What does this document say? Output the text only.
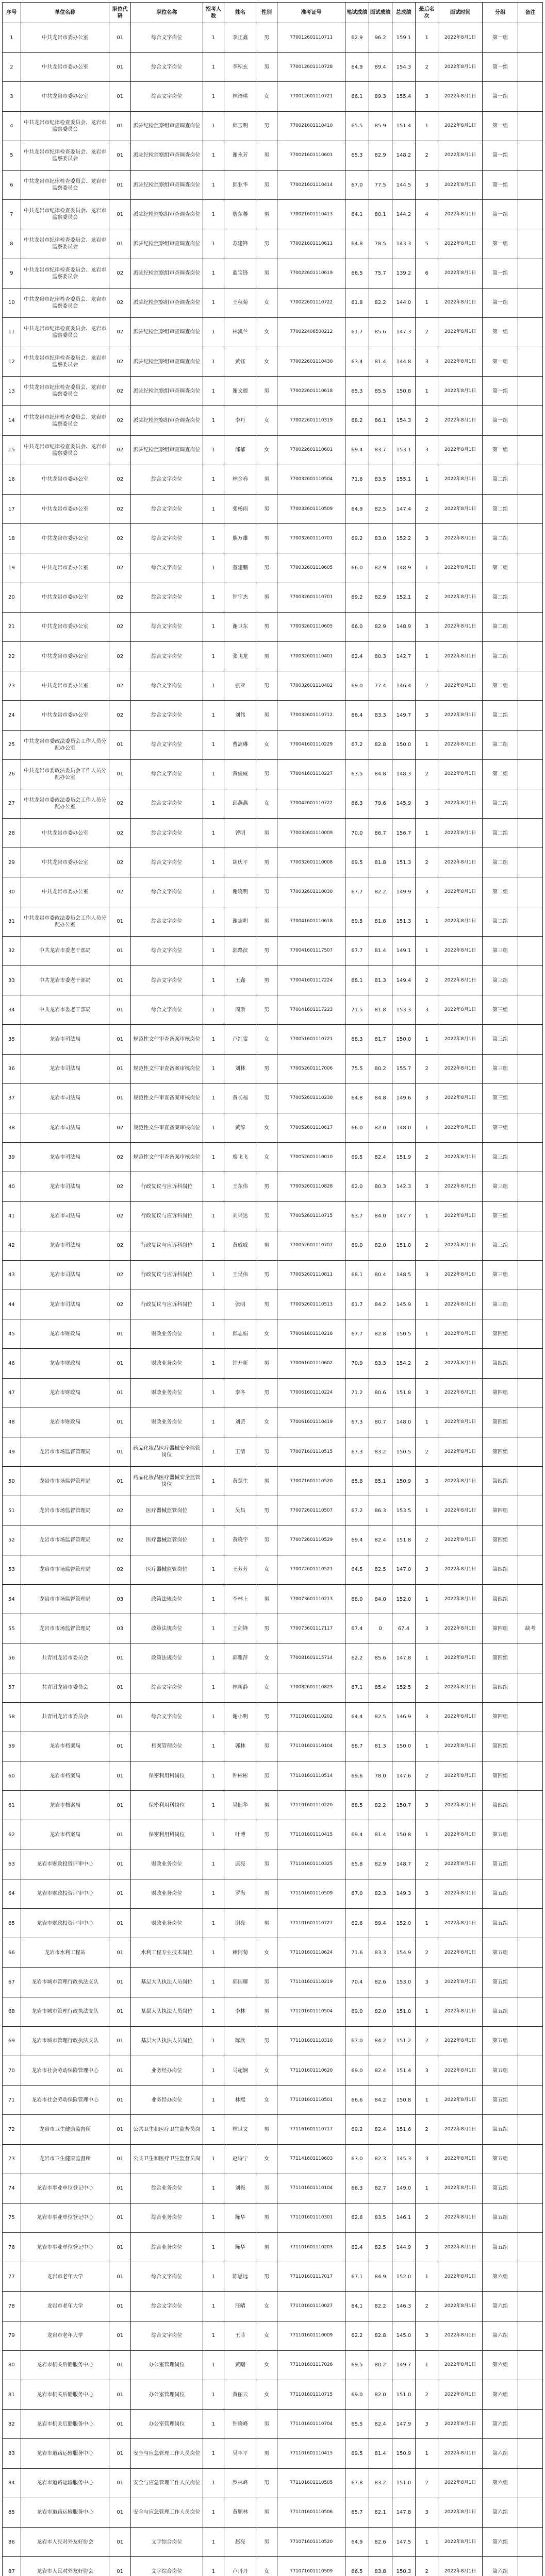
序号	单位名称	职位代码	职位名称	招考人数	姓名	性别	准考证号	笔试成绩	面试成绩	总成绩	最后名次	面试时间	分组	备注
1	中共龙岩市委办公室	01	综合文字岗位	1	李正鑫	男	770012601110711	62.9	96.2	159.1	1	2022年8月1日	第一组	
2	中共龙岩市委办公室	01	综合文字岗位	1	李积玄	男	770012601110728	64.9	89.4	154.3	2	2022年8月1日	第一组	
3	中共龙岩市委办公室	01	综合文字岗位	1	林语琪	女	770012601110721	66.1	89.3	155.4	3	2022年8月1日	第一组	
4	中共龙岩市纪律检查委员会、龙岩市监察委员会	01	派驻纪检监察组审查调查岗位	1	邱玉明	男	770021601110410	65.5	85.9	151.4	1	2022年8月1日	第一组	
5	中共龙岩市纪律检查委员会、龙岩市监察委员会	01	派驻纪检监察组审查调查岗位	1	谢永芳	男	770021601110601	65.3	82.9	148.2	2	2022年8月1日	第一组	
6	中共龙岩市纪律检查委员会、龙岩市监察委员会	01	派驻纪检监察组审查调查岗位	1	邱业华	男	770021601110414	67.0	77.5	144.5	3	2022年8月1日	第一组	
7	中共龙岩市纪律检查委员会、龙岩市监察委员会	01	派驻纪检监察组审查调查岗位	1	詹东蕃	男	770021601110413	64.1	80.1	144.2	4	2022年8月1日	第一组	
8	中共龙岩市纪律检查委员会、龙岩市监察委员会	01	派驻纪检监察组审查调查岗位	1	苏建锋	男	770021601110611	64.8	78.5	143.3	5	2022年8月1日	第一组	
9	中共龙岩市纪律检查委员会、龙岩市监察委员会	02	派驻纪检监察组审查调查岗位	1	蓝宝锋	男	770022601110619	66.5	75.7	139.2	6	2022年8月1日	第一组	
10	中共龙岩市纪律检查委员会、龙岩市监察委员会	02	派驻纪检监察组审查调查岗位	1	王秋菊	女	770022601110722	61.8	82.2	144.0	1	2022年8月1日	第一组	
11	中共龙岩市纪律检查委员会、龙岩市监察委员会	02	派驻纪检监察组审查调查岗位	1	林凯兰	女	770022406500212	61.7	85.6	147.3	2	2022年8月1日	第一组	
12	中共龙岩市纪律检查委员会、龙岩市监察委员会	02	派驻纪检监察组审查调查岗位	1	黄钰	女	770022601110430	63.4	81.4	144.8	3	2022年8月1日	第一组	
13	中共龙岩市纪律检查委员会、龙岩市监察委员会	02	派驻纪检监察组审查调查岗位	1	谢文德	男	770022601110618	65.3	85.5	150.8	1	2022年8月1日	第一组	
14	中共龙岩市纪律检查委员会、龙岩市监察委员会	02	派驻纪检监察组审查调查岗位	1	李丹	女	770022601110319	68.2	86.1	154.3	2	2022年8月1日	第一组	
15	中共龙岩市纪律检查委员会、龙岩市监察委员会	02	派驻纪检监察组审查调查岗位	1	邱郁	女	770022601110601	69.4	83.7	153.1	3	2022年8月1日	第一组	
16	中共龙岩市委办公室	02	综合文字岗位	1	林金春	男	770032601110504	71.6	83.5	155.1	1	2022年8月1日	第二组	
17	中共龙岩市委办公室	02	综合文字岗位	1	张杨雨	男	770032601110509	64.9	82.5	147.4	2	2022年8月1日	第二组	
18	中共龙岩市委办公室	02	综合文字岗位	1	熊万雄	男	770032601110701	69.2	83.0	152.2	3	2022年8月1日	第二组	
19	中共龙岩市委办公室	02	综合文字岗位	1	董建鹏	男	770032601110605	66.0	82.9	148.9	1	2022年8月1日	第二组	
20	中共龙岩市委办公室	02	综合文字岗位	1	钟宇杰	男	770032601110701	69.2	82.9	152.1	2	2022年8月1日	第二组	
21	中共龙岩市委办公室	02	综合文字岗位	1	谢卫东	男	770032601110605	66.0	82.9	148.9	3	2022年8月1日	第二组	
22	中共龙岩市委办公室	02	综合文字岗位	1	张飞龙	男	770032601110401	62.4	80.3	142.7	1	2022年8月1日	第二组	
23	中共龙岩市委办公室	02	综合文字岗位	1	张亚	男	770032601110402	69.0	77.4	146.4	2	2022年8月1日	第二组	
24	中共龙岩市委办公室	02	综合文字岗位	1	刘伟	男	770032601110712	66.4	83.3	149.7	3	2022年8月1日	第二组	
25	中共龙岩市委政法委员会工作人员分配办公室	01	综合文字岗位	1	曹嵩琳	女	770041601110229	67.2	82.8	150.0	1	2022年8月1日	第二组	
26	中共龙岩市委政法委员会工作人员分配办公室	01	综合文字岗位	1	黄俊威	男	770041601110227	63.5	84.8	148.3	2	2022年8月1日	第二组	
27	中共龙岩市委政法委员会工作人员分配办公室	02	综合文字岗位	1	邱燕燕	女	770042601110722	66.3	79.6	145.9	3	2022年8月1日	第二组	
28	中共龙岩市委办公室	02	综合文字岗位	1	曾明	男	770032601110009	70.0	86.7	156.7	1	2022年8月1日	第二组	
29	中共龙岩市委办公室	02	综合文字岗位	1	胡庆平	男	770032601110008	69.5	81.8	151.3	2	2022年8月1日	第二组	
30	中共龙岩市委办公室	02	综合文字岗位	1	谢晓明	男	770032601110030	67.7	82.2	149.9	3	2022年8月1日	第二组	
31	中共龙岩市委政法委员会工作人员分配办公室	01	综合文字岗位	1	谢志明	男	770041601110618	69.5	81.8	151.3	1	2022年8月1日	第二组	
32	中共龙岩市委老干部局	01	综合文字岗位	1	郭路滨	男	770041601117507	67.7	81.4	149.1	1	2022年8月1日	第三组	
33	中共龙岩市委老干部局	01	综合文字岗位	1	王鑫	男	770041601117224	68.1	81.3	149.4	2	2022年8月1日	第三组	
34	中共龙岩市委老干部局	01	综合文字岗位	1	周斯	男	770041601117223	71.5	81.8	153.3	3	2022年8月1日	第三组	
35	龙岩市司法局	01	规范性文件审查备案审核岗位	1	卢红雯	女	770051601110721	68.3	81.7	150.0	1	2022年8月1日	第三组	
36	龙岩市司法局	01	规范性文件审查备案审核岗位	1	刘林	男	770052601117006	75.5	80.2	155.7	2	2022年8月1日	第三组	
37	龙岩市司法局	01	规范性文件审查备案审核岗位	1	黄长福	男	770052601110230	64.8	84.8	149.6	3	2022年8月1日	第三组	
38	龙岩市司法局	02	规范性文件审查备案审核岗位	1	黄淳	女	770052601110617	66.0	82.0	148.0	1	2022年8月1日	第三组	
39	龙岩市司法局	02	规范性文件审查备案审核岗位	1	廖飞飞	女	770052601110010	69.5	82.4	151.9	2	2022年8月1日	第三组	
40	龙岩市司法局	02	行政复议与应诉科岗位	1	王东伟	男	770052601110828	62.0	80.3	142.3	3	2022年8月1日	第三组	
41	龙岩市司法局	02	行政复议与应诉科岗位	1	刘兴达	男	770052601110715	63.7	84.0	147.7	1	2022年8月1日	第三组	
42	龙岩市司法局	02	行政复议与应诉科岗位	1	黄威威	男	770052601110707	69.0	82.0	151.0	2	2022年8月1日	第三组	
43	龙岩市司法局	02	行政复议与应诉科岗位	1	王吴伟	男	770052601110811	68.1	80.4	148.5	3	2022年8月1日	第三组	
44	龙岩市司法局	02	行政复议与应诉科岗位	1	张明	男	770052601110513	61.7	84.2	145.9	1	2022年8月1日	第三组	
45	龙岩市财政局	01	财政业务岗位	1	邱志娟	女	770061601110216	67.7	82.8	150.5	1	2022年8月1日	第四组	
46	龙岩市财政局	01	财政业务岗位	1	钟开新	男	770061601110602	70.9	83.3	154.2	2	2022年8月1日	第四组	
47	龙岩市财政局	01	财政业务岗位	1	李冬	男	770061601110224	71.2	80.6	151.8	3	2022年8月1日	第四组	
48	龙岩市财政局	01	财政业务岗位	1	刘芸	女	770061601110419	67.3	80.7	148.0	1	2022年8月1日	第四组	
49	龙岩市市场监督管理局	01	药品化妆品医疗器械安全监管岗位	1	王清	男	770071601110515	67.3	83.2	150.5	2	2022年8月1日	第四组	
50	龙岩市市场监督管理局	01	药品化妆品医疗器械安全监管岗位	1	黄楚生	男	770071601110520	65.8	85.1	150.9	3	2022年8月1日	第四组	
51	龙岩市市场监督管理局	02	医疗器械监管岗位	1	吴昌	男	770072601110507	67.2	86.3	153.5	1	2022年8月1日	第四组	
52	龙岩市市场监督管理局	02	医疗器械监管岗位	1	黄晓宇	男	770072601110529	69.4	82.4	151.8	2	2022年8月1日	第四组	
53	龙岩市市场监督管理局	02	医疗器械监管岗位	1	王芳芳	女	770072601110521	64.5	82.5	147.0	3	2022年8月1日	第四组	
54	龙岩市市场监督管理局	03	政策法规岗位	1	李林上	男	770073601110213	68.0	84.0	152.0	1	2022年8月1日	第四组	
55	龙岩市市场监督管理局	03	政策法规岗位	1	王剑锋	男	770073601117117	67.4	0	67.4	3	2022年8月1日	第四组	缺考
56	共青团龙岩市委员会	01	政策法规岗位	1	郭雅萍	女	770081601115714	62.2	85.6	147.8	1	2022年8月1日	第四组	
57	共青团龙岩市委员会	01	综合文字岗位	1	林新静	女	770082601110823	67.1	85.4	152.5	2	2022年8月1日	第四组	
58	共青团龙岩市委员会	01	综合文字岗位	1	谢小明	男	771101601110202	64.4	82.5	146.9	3	2022年8月1日	第四组	
59	龙岩市档案局	01	档案管理岗位	1	郭林	男	771101601110104	68.7	81.3	150.0	1	2022年8月1日	第四组	
60	龙岩市档案局	01	保密利用科岗位	1	钟彬彬	男	771101601110514	69.6	78.0	147.6	2	2022年8月1日	第四组	
61	龙岩市档案局	01	保密利用科岗位	1	吴旧华	男	771101601110220	68.5	82.2	150.7	3	2022年8月1日	第四组	
62	龙岩市档案局	01	保密利用科岗位	1	叶博	男	771101601110415	69.4	81.4	150.8	1	2022年8月1日	第五组	
63	龙岩市财政投资评审中心	01	财政业务岗位	1	康亮	男	771101601110325	65.8	82.9	148.7	2	2022年8月1日	第五组	
64	龙岩市财政投资评审中心	01	财政业务岗位	1	罗海	男	771101601110509	67.0	82.3	149.3	3	2022年8月1日	第五组	
65	龙岩市财政投资评审中心	01	财政业务岗位	1	谢亮	男	771101601110727	62.6	89.4	152.0	1	2022年8月1日	第五组	
66	龙岩市水利工程站	01	水利工程专业技术岗位	1	赖阿菊	女	771101601110624	71.6	83.3	154.9	2	2022年8月1日	第五组	
67	龙岩市城市管理行政执法支队	01	基层大队执法人员岗位	1	郭国耀	男	771101601110219	70.4	82.6	153.0	3	2022年8月1日	第五组	
68	龙岩市城市管理行政执法支队	01	基层大队执法人员岗位	1	李林	男	771101601110504	69.0	82.0	151.0	1	2022年8月1日	第五组	
69	龙岩市城市管理行政执法支队	01	基层大队执法人员岗位	1	陈欣	男	771101601110310	67.0	84.2	151.2	2	2022年8月1日	第五组	
70	龙岩市社会劳动保险管理中心	01	业务经办岗位	1	马超娴	女	771101601110620	69.0	82.4	151.4	3	2022年8月1日	第五组	
71	龙岩市社会劳动保险管理中心	01	业务经办岗位	1	林熙	女	771101601110501	66.6	84.2	150.8	1	2022年8月1日	第五组	
72	龙岩市卫生健康监督所	01	公共卫生和医疗卫生监督员岗	1	林世文	男	771161601110717	69.2	82.4	151.6	2	2022年8月1日	第五组	
73	龙岩市卫生健康监督所	01	公共卫生和医疗卫生监督员岗	1	赵诗宁	女	771141601110603	63.0	82.3	145.3	3	2022年8月1日	第五组	
74	龙岩市事业单位登记中心	01	综合业务岗位	1	刘振	男	771101601110104	66.3	82.7	149.0	1	2022年8月1日	第五组	
75	龙岩市事业单位登记中心	01	综合业务岗位	1	陈华	男	771101601110301	62.6	83.5	146.1	2	2022年8月1日	第五组	
76	龙岩市事业单位登记中心	01	综合业务岗位	1	陈华	男	771101601110203	62.4	82.5	144.9	3	2022年8月1日	第五组	
77	龙岩市老年大学	01	综合文字岗位	1	陈思远	男	771101601117017	67.1	84.9	152.0	1	2022年8月1日	第六组	
78	龙岩市老年大学	01	综合文字岗位	1	汪晴	女	771101601110027	64.1	82.2	146.3	2	2022年8月1日	第六组	
79	龙岩市老年大学	01	综合文字岗位	1	王菲	女	771101601110009	62.2	82.8	145.0	3	2022年8月1日	第六组	
80	龙岩市机关后勤服务中心	01	办公室管理岗位	1	黄曙	女	771101601117026	69.5	80.2	149.7	1	2022年8月1日	第六组	
81	龙岩市机关后勤服务中心	01	办公室管理岗位	1	黄丽云	女	771101601110715	69.0	82.0	151.0	2	2022年8月1日	第六组	
82	龙岩市机关后勤服务中心	01	办公室管理岗位	1	钟晓峰	男	771101601110704	65.5	82.4	147.9	3	2022年8月1日	第六组	
83	龙岩市道路运输服务中心	01	安全与应急管理工作人员岗位	1	吴丰平	男	771101601110415	69.5	81.4	150.9	1	2022年8月1日	第六组	
84	龙岩市道路运输服务中心	01	安全与应急管理工作人员岗位	1	罗林峰	男	771101601110505	67.8	83.2	151.0	2	2022年8月1日	第六组	
85	龙岩市道路运输服务中心	01	安全与应急管理工作人员岗位	1	黄顺林	男	771101601110506	65.7	82.1	147.8	3	2022年8月1日	第六组	
86	龙岩市人民对外友好协会	01	文字综合岗位	1	赵亮	男	771071601110520	64.9	82.6	147.5	1	2022年8月1日	第六组	
87	龙岩市人民对外友好协会	01	文字综合岗位	1	卢丹丹	女	771071601110509	66.5	83.8	150.3	2	2022年8月1日	第六组	
